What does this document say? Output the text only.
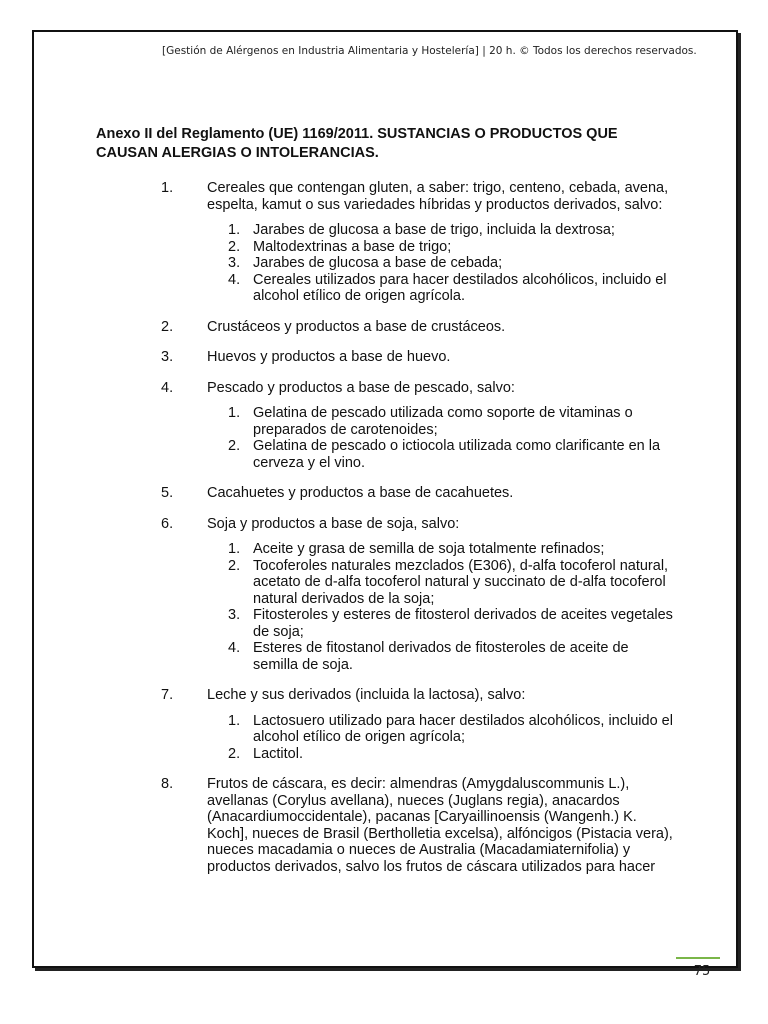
[Gestión de Alérgenos en Industria Alimentaria y Hostelería] | 20 h. © Todos los derechos reservados.
Anexo II del Reglamento (UE) 1169/2011. SUSTANCIAS O PRODUCTOS QUE
CAUSAN ALERGIAS O INTOLERANCIAS.
1. Cereales que contengan gluten, a saber: trigo, centeno, cebada, avena,
espelta, kamut o sus variedades híbridas y productos derivados, salvo:
1. Jarabes de glucosa a base de trigo, incluida la dextrosa;
2. Maltodextrinas a base de trigo;
3. Jarabes de glucosa a base de cebada;
4. Cereales utilizados para hacer destilados alcohólicos, incluido el
alcohol etílico de origen agrícola.
2. Crustáceos y productos a base de crustáceos.
3. Huevos y productos a base de huevo.
4. Pescado y productos a base de pescado, salvo:
1. Gelatina de pescado utilizada como soporte de vitaminas o
preparados de carotenoides;
2. Gelatina de pescado o ictiocola utilizada como clarificante en la
cerveza y el vino.
5. Cacahuetes y productos a base de cacahuetes.
6. Soja y productos a base de soja, salvo:
1. Aceite y grasa de semilla de soja totalmente refinados;
2. Tocoferoles naturales mezclados (E306), d-alfa tocoferol natural,
acetato de d-alfa tocoferol natural y succinato de d-alfa tocoferol
natural derivados de la soja;
3. Fitosteroles y esteres de fitosterol derivados de aceites vegetales
de soja;
4. Esteres de fitostanol derivados de fitosteroles de aceite de
semilla de soja.
7. Leche y sus derivados (incluida la lactosa), salvo:
1. Lactosuero utilizado para hacer destilados alcohólicos, incluido el
alcohol etílico de origen agrícola;
2. Lactitol.
8. Frutos de cáscara, es decir: almendras (Amygdaluscommunis L.),
avellanas (Corylus avellana), nueces (Juglans regia), anacardos
(Anacardiumoccidentale), pacanas [Caryaillinoensis (Wangenh.) K.
Koch], nueces de Brasil (Bertholletia excelsa), alfóncigos (Pistacia vera),
nueces macadamia o nueces de Australia (Macadamiaternifolia) y
productos derivados, salvo los frutos de cáscara utilizados para hacer
75
